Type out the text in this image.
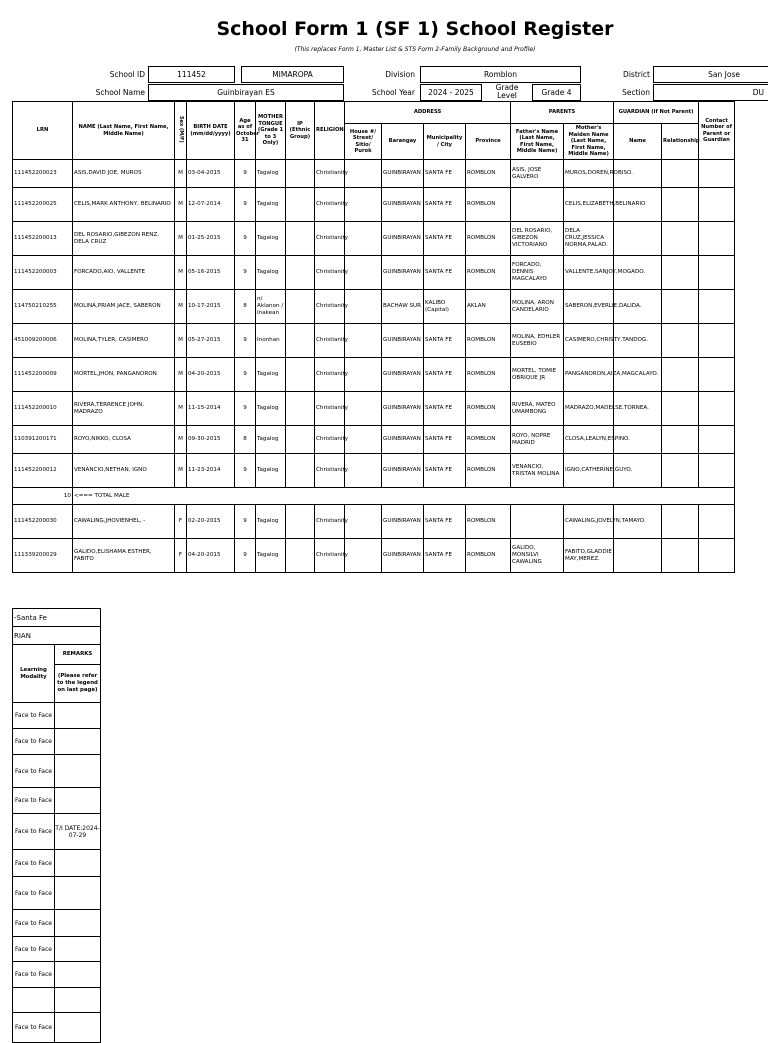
School Form 1 (SF 1) School Register
(This replaces Form 1, Master List & STS Form 2-Family Background and Profile)
School ID	111452	MIMAROPA	Division	Romblon	District	San Jose
School Name	Guinbirayan ES	School Year	2024 - 2025
Grade Level	Grade 4	Section	DU
LRN	NAME (Last Name, First Name, Middle Name)	Sex (M/F)	BIRTH DATE (mm/dd/yyyy)	Age as of October 31	MOTHER TONGUE (Grade 1 to 3 Only)	IP (Ethnic Group)	RELIGION	ADDRESS				PARENTS		GUARDIAN (if Not Parent)		Contact Number of Parent or Guardian
								House #/ Street/ Sitio/ Purok	Barangay	Municipality / City	Province	Father's Name (Last Name, First Name, Middle Name)	Mother's Maiden Name (Last Name, First Name, Middle Name)	Name	Relationship	
111452200023	ASIS,DAVID JOE, MUROS	M	03-04-2015	9	Tagalog		Christianity		GUINBIRAYAN	SANTA FE	ROMBLON	ASIS, JOSE GALVERO	MUROS,DOREN,ROBISO.			
111452200025	CELIS,MARK ANTHONY, BELINARIO	M	12-07-2014	9	Tagalog		Christianity		GUINBIRAYAN	SANTA FE	ROMBLON		CELIS,ELIZABETH,BELINARIO			
111452200013	DEL ROSARIO,GIBEZON RENZ, DELA CRUZ	M	01-25-2015	9	Tagalog		Christianity		GUINBIRAYAN	SANTA FE	ROMBLON	DEL ROSARIO, GIBEZON VICTORIANO	DELA CRUZ,JESSICA NORMA,PALAD.			
111452200003	FORCADO,AIO, VALLENTE	M	05-16-2015	9	Tagalog		Christianity		GUINBIRAYAN	SANTA FE	ROMBLON	FORCADO, DENNIS MAGCALAYO	VALLENTE,SANJOY,MOGADO.			
114750210255	MOLINA,PRIAM JACE, SABERON	M	10-17-2015	8	n/ Aklanon / Inakean		Christianity		BACHAW SUR	KALIBO (Capital)	AKLAN	MOLINA, ARON CANDELARIO	SABERON,EVERLIE,DALIDA.			
451009200006	MOLINA,TYLER, CASIMERO	M	05-27-2015	9	Inonhan		Christianity		GUINBIRAYAN	SANTA FE	ROMBLON	MOLINA, EDHLER EUSEBIO	CASIMERO,CHRISTY,TANDOG.			
111452200009	MORTEL,JHON, PANGANORON	M	04-20-2015	9	Tagalog		Christianity		GUINBIRAYAN	SANTA FE	ROMBLON	MORTEL, TOMIE OBRIQUE JR	PANGANORON,AIZA,MAGCALAYO.			
111452200010	RIVERA,TERRENCE JOHN, MADRAZO	M	11-15-2014	9	Tagalog		Christianity		GUINBIRAYAN	SANTA FE	ROMBLON	RIVERA, MATEO UMAMBONG	MADRAZO,MADELSE,TORNEA.			
110391200171	ROYO,NIKKO, CLOSA	M	09-30-2015	8	Tagalog		Christianity		GUINBIRAYAN	SANTA FE	ROMBLON	ROYO, NOPRE MADRID	CLOSA,LEALYN,ESPINO.			
111452200012	VENANCIO,NETHAN, IGNO	M	11-23-2014	9	Tagalog		Christianity		GUINBIRAYAN	SANTA FE	ROMBLON	VENANCIO, TRISTAN MOLINA	IGNO,CATHERINE,GUYO.			
10	<=== TOTAL MALE															
111452200030	CAWALING,JHOVIENHEL, -	F	02-20-2015	9	Tagalog		Christianity		GUINBIRAYAN	SANTA FE	ROMBLON		CAWALING,JOVELYN,TAMAYO.			
111339200029	GALIDO,ELISHAMA ESTHER, FABITO	F	04-20-2015	9	Tagalog		Christianity		GUINBIRAYAN	SANTA FE	ROMBLON	GALIDO, MONSILVI CAWALING	FABITO,GLADDIE MAY,MEREZ.			
-Santa Fe	
RIAN	
Learning Modality	REMARKS
	(Please refer to the legend on last page)
Face to Face	
Face to Face	
Face to Face	
Face to Face	
Face to Face	T/I DATE:2024-07-29
Face to Face	
Face to Face	
Face to Face	
Face to Face	
Face to Face	

Face to Face	
